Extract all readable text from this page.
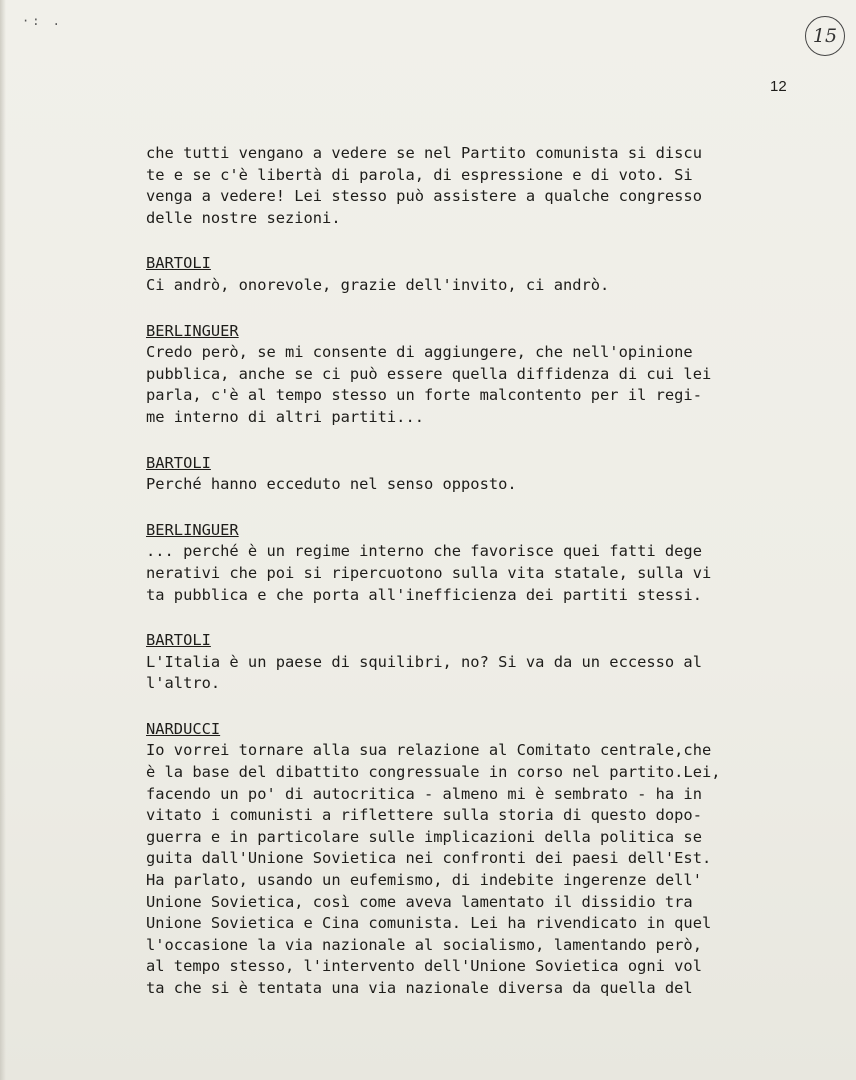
·: .
15
12

che tutti vengano a vedere se nel Partito comunista si discu

te e se c'è libertà di parola, di espressione e di voto. Si

venga a vedere! Lei stesso può assistere a qualche congresso

delle nostre sezioni.

BARTOLI

Ci andrò, onorevole, grazie dell'invito, ci andrò.

BERLINGUER

Credo però, se mi consente di aggiungere, che nell'opinione

pubblica, anche se ci può essere quella diffidenza di cui lei

parla, c'è al tempo stesso un forte malcontento per il regi-

me interno di altri partiti...

BARTOLI

Perché hanno ecceduto nel senso opposto.

BERLINGUER

... perché è un regime interno che favorisce quei fatti dege

nerativi che poi si ripercuotono sulla vita statale, sulla vi

ta pubblica e che porta all'inefficienza dei partiti stessi.

BARTOLI

L'Italia è un paese di squilibri, no? Si va da un eccesso al

l'altro.

NARDUCCI

Io vorrei tornare alla sua relazione al Comitato centrale,che

è la base del dibattito congressuale in corso nel partito.Lei,

facendo un po' di autocritica - almeno mi è sembrato - ha in

vitato i comunisti a riflettere sulla storia di questo dopo-

guerra e in particolare sulle implicazioni della politica se

guita dall'Unione Sovietica nei confronti dei paesi dell'Est.

Ha parlato, usando un eufemismo, di indebite ingerenze dell'

Unione Sovietica, così come aveva lamentato il dissidio tra

Unione Sovietica e Cina comunista. Lei ha rivendicato in quel

l'occasione la via nazionale al socialismo, lamentando però,

al tempo stesso, l'intervento dell'Unione Sovietica ogni vol

ta che si è tentata una via nazionale diversa da quella del
